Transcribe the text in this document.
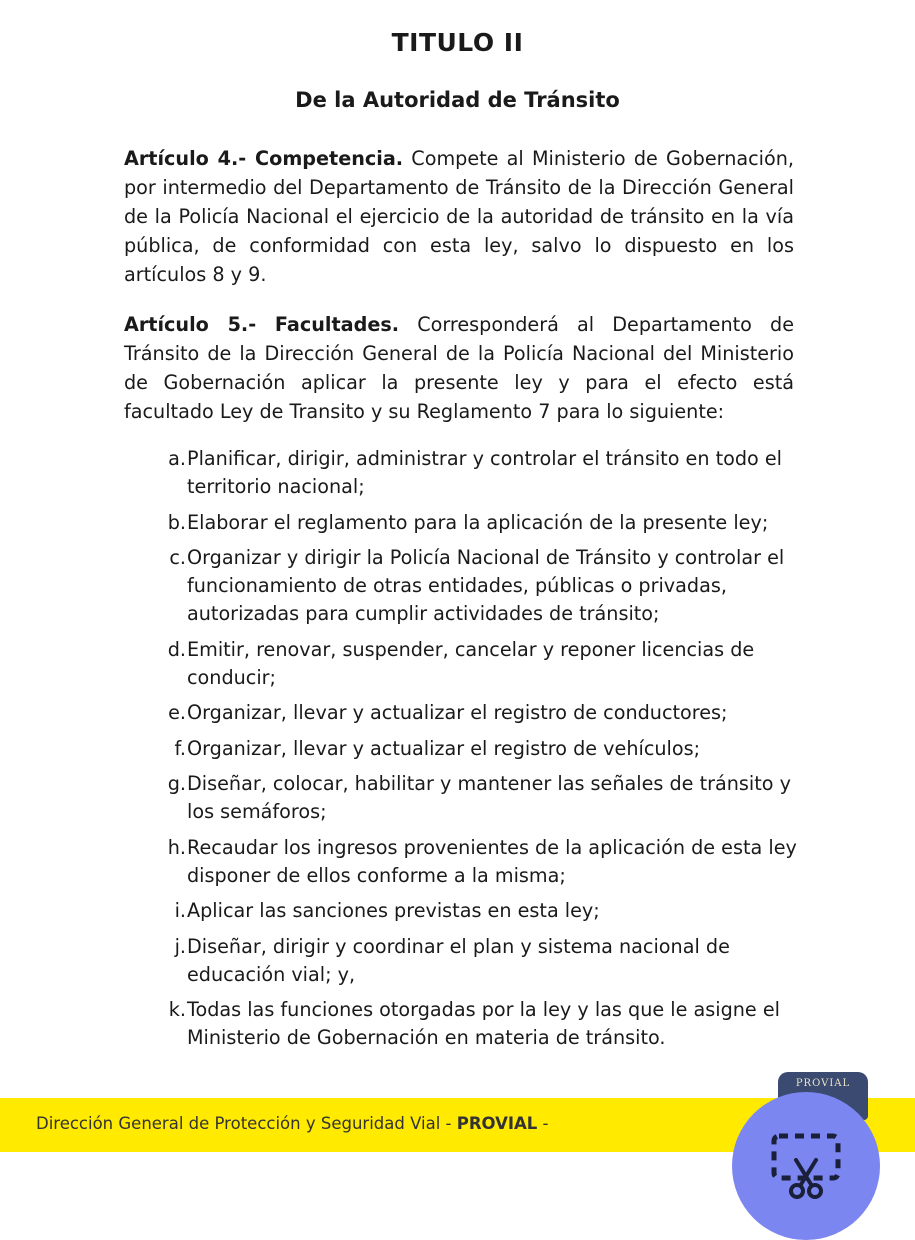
TITULO II
De la Autoridad de Tránsito

Artículo 4.- Competencia. Compete al Ministerio de Gobernación, por intermedio del Departamento de Tránsito de la Dirección General de la Policía Nacional el ejercicio de la autoridad de tránsito en la vía pública, de conformidad con esta ley, salvo lo dispuesto en los artículos 8 y 9.

Artículo 5.- Facultades. Corresponderá al Departamento de Tránsito de la Dirección General de la Policía Nacional del Ministerio de Gobernación aplicar la presente ley y para el efecto está facultado Ley de Transito y su Reglamento 7 para lo siguiente:

a. Planificar, dirigir, administrar y controlar el tránsito en todo el territorio nacional;
b. Elaborar el reglamento para la aplicación de la presente ley;
c. Organizar y dirigir la Policía Nacional de Tránsito y controlar el funcionamiento de otras entidades, públicas o privadas, autorizadas para cumplir actividades de tránsito;
d. Emitir, renovar, suspender, cancelar y reponer licencias de conducir;
e. Organizar, llevar y actualizar el registro de conductores;
f. Organizar, llevar y actualizar el registro de vehículos;
g. Diseñar, colocar, habilitar y mantener las señales de tránsito y los semáforos;
h. Recaudar los ingresos provenientes de la aplicación de esta ley disponer de ellos conforme a la misma;
i. Aplicar las sanciones previstas en esta ley;
j. Diseñar, dirigir y coordinar el plan y sistema nacional de educación vial; y,
k. Todas las funciones otorgadas por la ley y las que le asigne el Ministerio de Gobernación en materia de tránsito.
Dirección General de Protección y Seguridad Vial - PROVIAL -
PROVIAL
